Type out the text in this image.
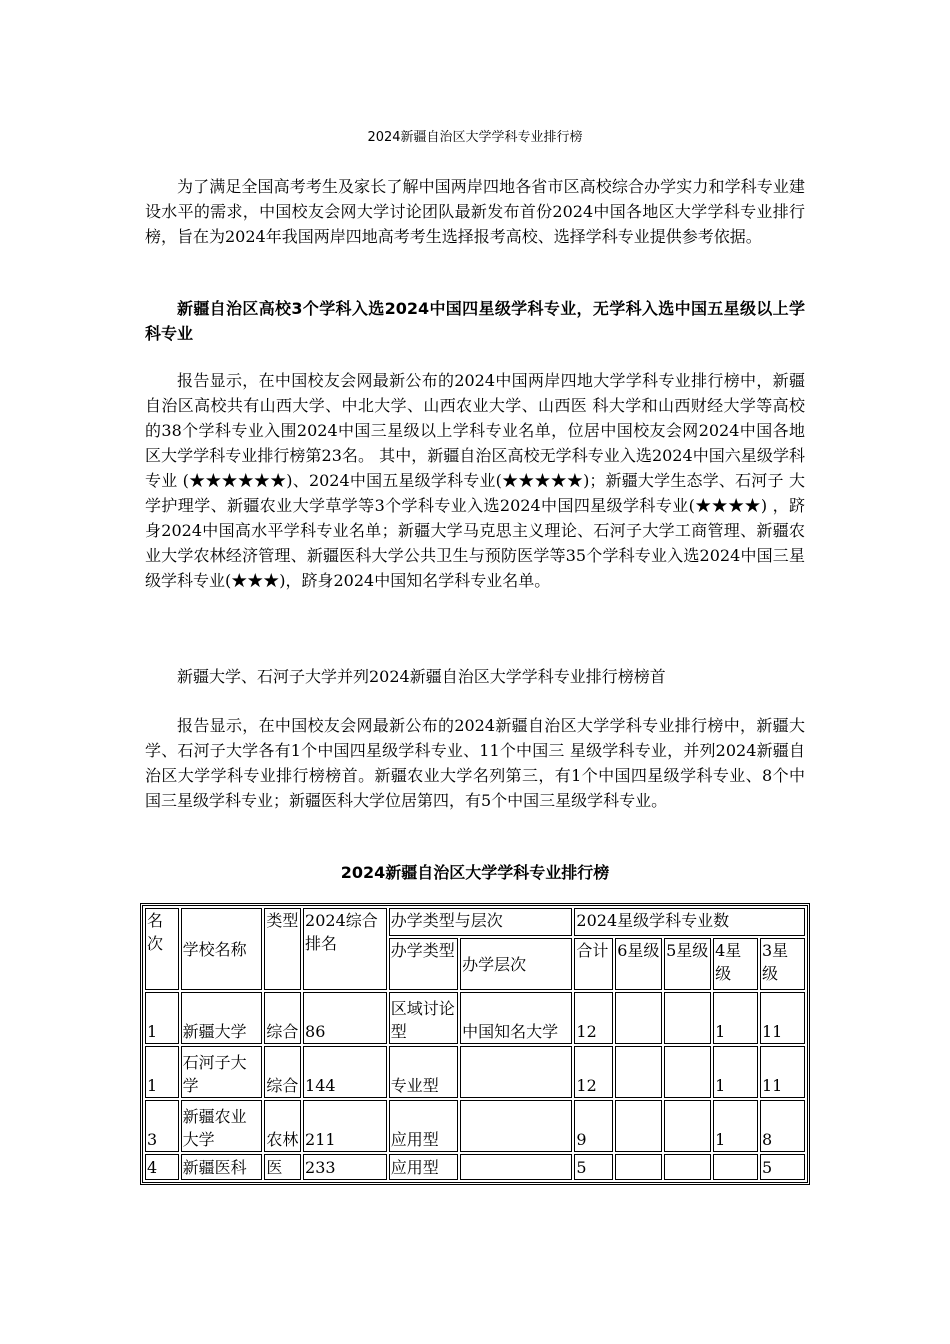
2024新疆自治区大学学科专业排行榜

为了满足全国高考考生及家长了解中国两岸四地各省市区高校综合办学实力和学科专业建设水平的需求，中国校友会网大学讨论团队最新发布首份2024中国各地区大学学科专业排行榜，旨在为2024年我国两岸四地高考考生选择报考高校、选择学科专业提供参考依据。

新疆自治区高校3个学科入选2024中国四星级学科专业，无学科入选中国五星级以上学科专业

报告显示，在中国校友会网最新公布的2024中国两岸四地大学学科专业排行榜中，新疆自治区高校共有山西大学、中北大学、山西农业大学、山西医 科大学和山西财经大学等高校的38个学科专业入围2024中国三星级以上学科专业名单，位居中国校友会网2024中国各地区大学学科专业排行榜第23名。 其中，新疆自治区高校无学科专业入选2024中国六星级学科专业 (★★★★★★)、2024中国五星级学科专业(★★★★★)；新疆大学生态学、石河子 大学护理学、新疆农业大学草学等3个学科专业入选2024中国四星级学科专业(★★★★) ，跻身2024中国高水平学科专业名单；新疆大学马克思主义理论、石河子大学工商管理、新疆农业大学农林经济管理、新疆医科大学公共卫生与预防医学等35个学科专业入选2024中国三星级学科专业(★★★)，跻身2024中国知名学科专业名单。

新疆大学、石河子大学并列2024新疆自治区大学学科专业排行榜榜首

报告显示，在中国校友会网最新公布的2024新疆自治区大学学科专业排行榜中，新疆大学、石河子大学各有1个中国四星级学科专业、11个中国三 星级学科专业，并列2024新疆自治区大学学科专业排行榜榜首。新疆农业大学名列第三，有1个中国四星级学科专业、8个中国三星级学科专业；新疆医科大学位居第四，有5个中国三星级学科专业。

2024新疆自治区大学学科专业排行榜
名次	学校名称	类型	2024综合排名	办学类型与层次		2024星级学科专业数				
				办学类型	办学层次	合计	6星级	5星级	4星级	3星级
1	新疆大学	综合	86	区域讨论型	中国知名大学	12			1	11
1	石河子大学	综合	144	专业型		12			1	11
3	新疆农业大学	农林	211	应用型		9			1	8
4	新疆医科	医	233	应用型		5				5
